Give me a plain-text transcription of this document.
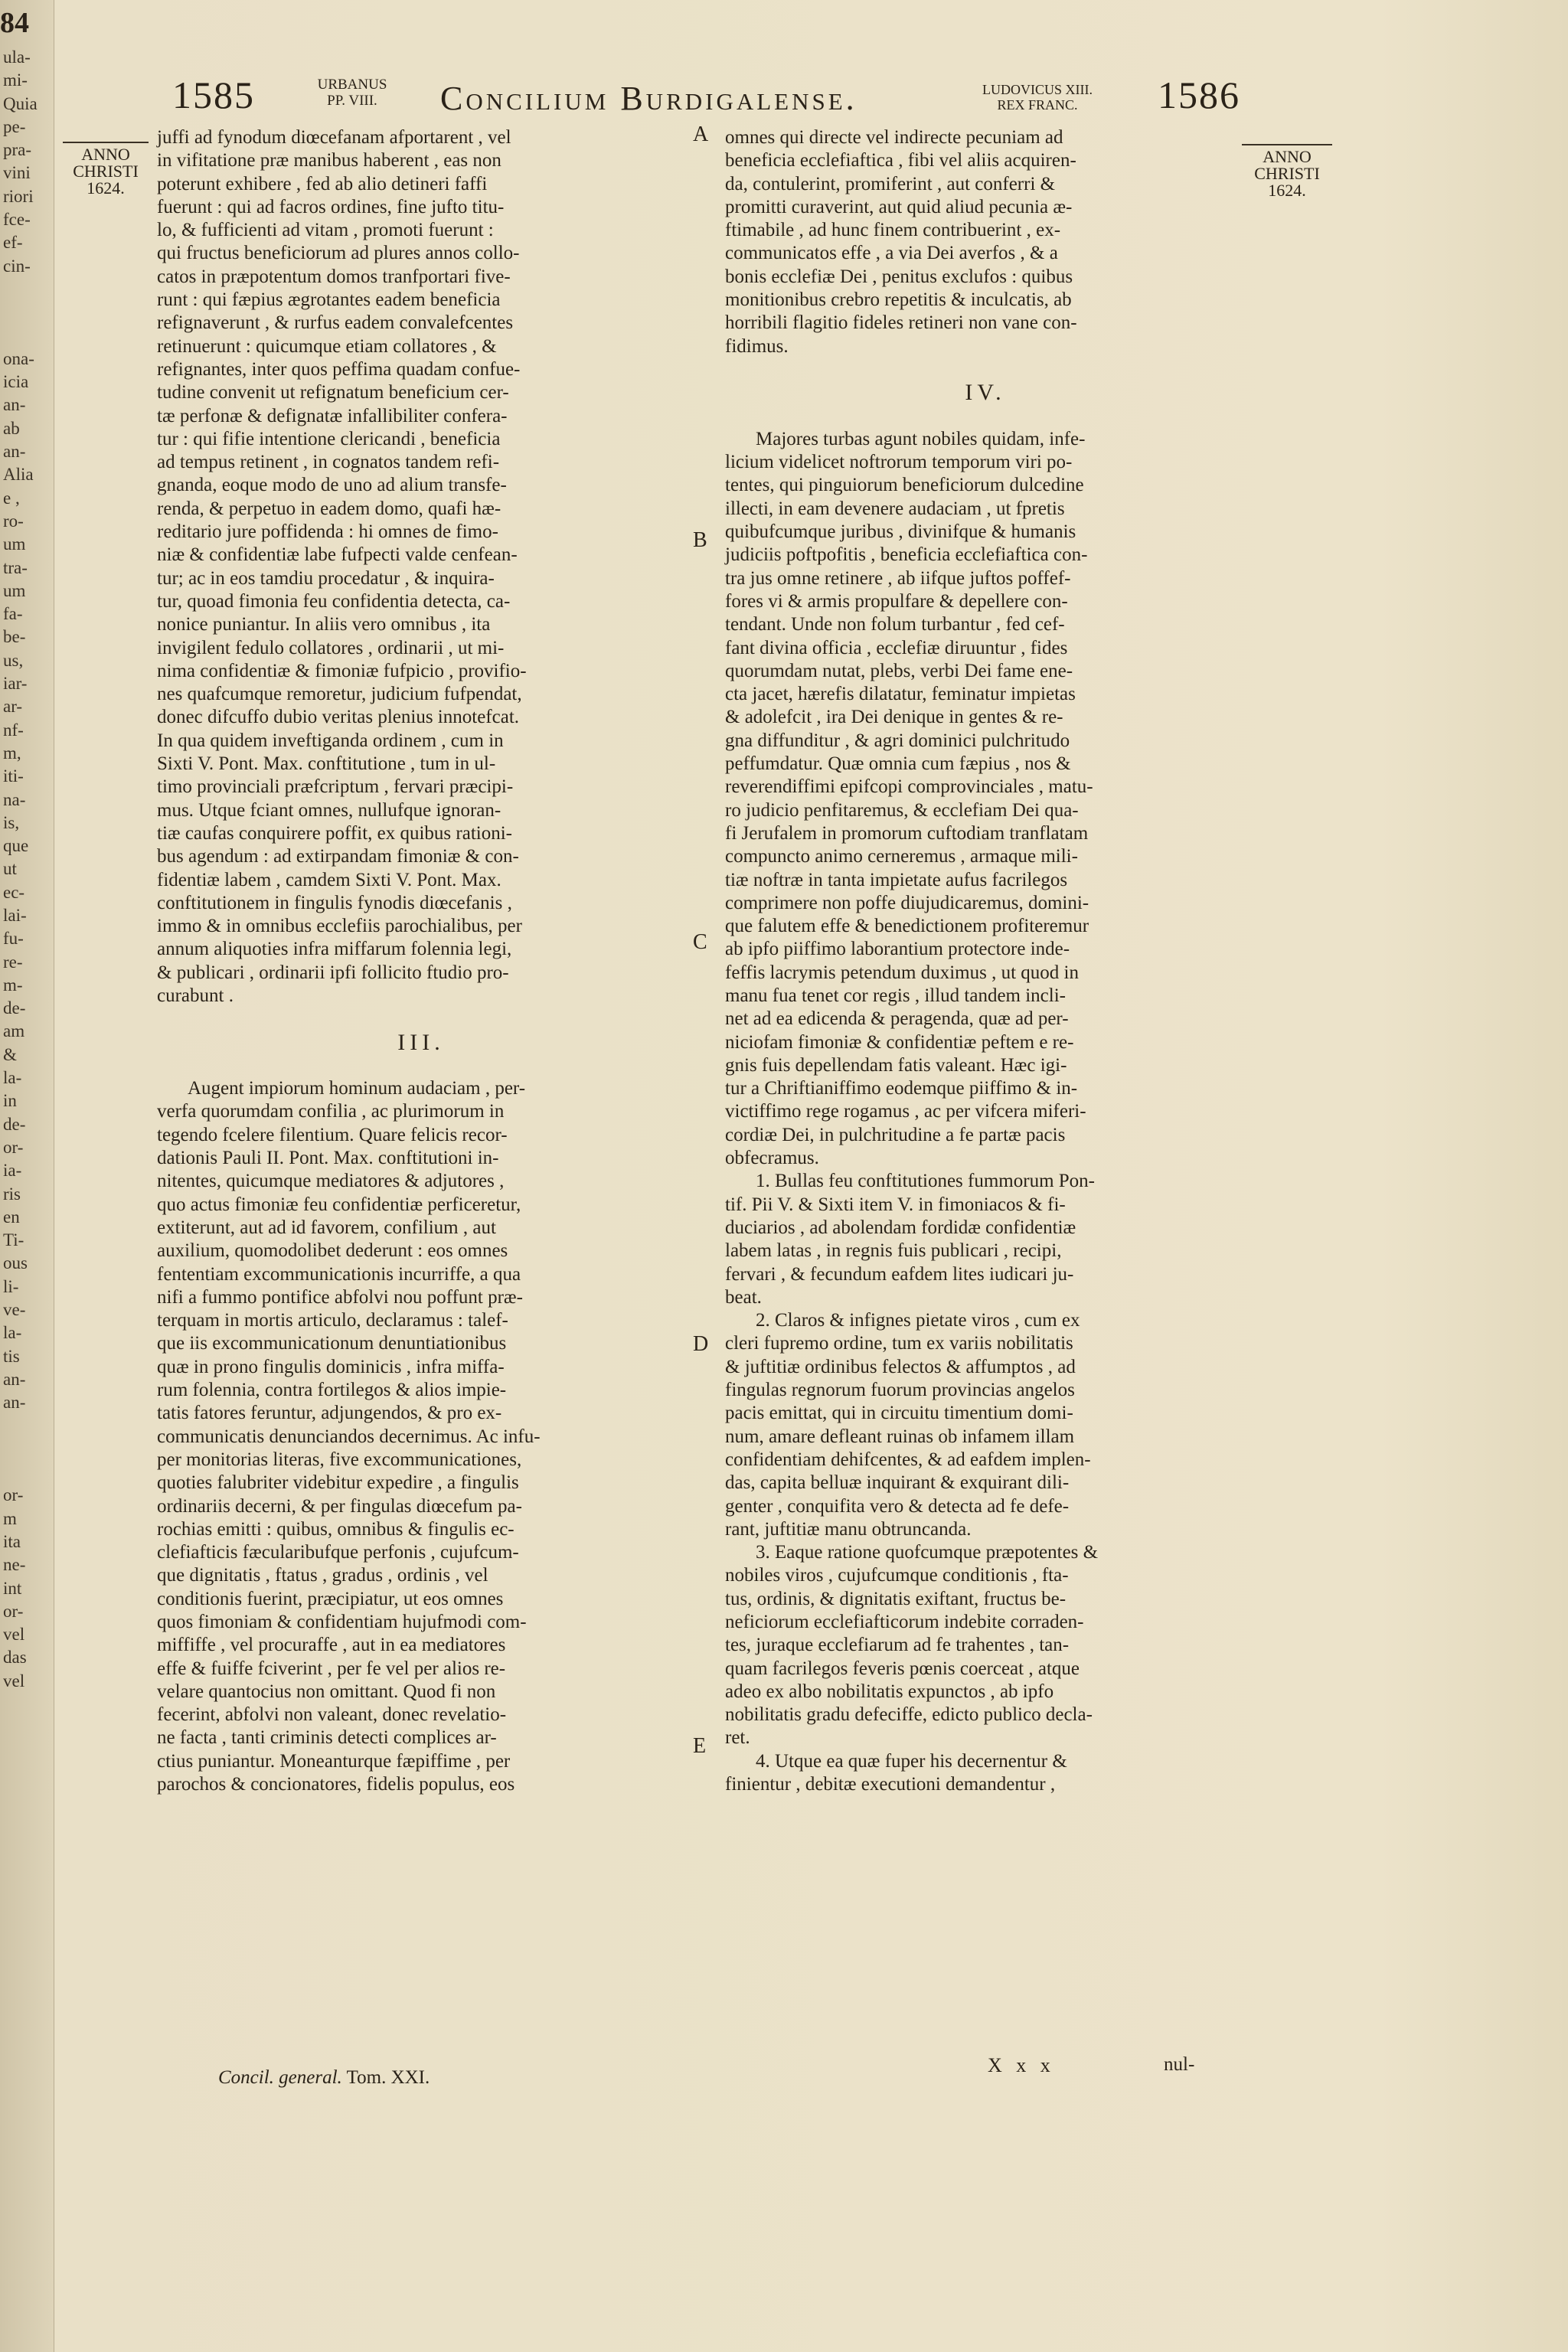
84
ula-
mi-
Quia
pe-
pra-
vini
riori
fce-
ef-
cin-
ona-
icia
an-
ab
an-
Alia
e ,
ro-
um
tra-
um
fa-
be-
us,
iar-
ar-
nf-
m,
iti-
na-
is,
que
ut
ec-
lai-
fu-
re-
m-
de-
am
&
la-
in
de-
or-
ia-
ris
en
Ti-
ous
li-
ve-
la-
tis
an-
an-
or-
m
ita
ne-
int
or-
vel
das
vel
1585	URBANUS
PP. VIII.	Concilium Burdigalense.	LUDOVICUS XIII.
REX FRANC.	1586
ANNO
CHRISTI
1624.
ANNO
CHRISTI
1624.
A
B
C
D
E
juffi ad fynodum diœcefanam afportarent , vel
in vifitatione præ manibus haberent , eas non
poterunt exhibere , fed ab alio detineri faffi
fuerunt : qui ad facros ordines, fine jufto titu-
lo, & fufficienti ad vitam , promoti fuerunt :
qui fructus beneficiorum ad plures annos collo-
catos in præpotentum domos tranfportari five-
runt : qui fæpius ægrotantes eadem beneficia
refignaverunt , & rurfus eadem convalefcentes
retinuerunt : quicumque etiam collatores , &
refignantes, inter quos peffima quadam confue-
tudine convenit ut refignatum beneficium cer-
tæ perfonæ & defignatæ infallibiliter confera-
tur : qui fifie intentione clericandi , beneficia
ad tempus retinent , in cognatos tandem refi-
gnanda, eoque modo de uno ad alium transfe-
renda, & perpetuo in eadem domo, quafi hæ-
reditario jure poffidenda : hi omnes de fimo-
niæ & confidentiæ labe fufpecti valde cenfean-
tur; ac in eos tamdiu procedatur , & inquira-
tur, quoad fimonia feu confidentia detecta, ca-
nonice puniantur. In aliis vero omnibus , ita
invigilent fedulo collatores , ordinarii , ut mi-
nima confidentiæ & fimoniæ fufpicio , provifio-
nes quafcumque remoretur, judicium fufpendat,
donec difcuffo dubio veritas plenius innotefcat.
In qua quidem inveftiganda ordinem , cum in
Sixti V. Pont. Max. conftitutione , tum in ul-
timo provinciali præfcriptum , fervari præcipi-
mus. Utque fciant omnes, nullufque ignoran-
tiæ caufas conquirere poffit, ex quibus rationi-
bus agendum : ad extirpandam fimoniæ & con-
fidentiæ labem , camdem Sixti V. Pont. Max.
conftitutionem in fingulis fynodis diœcefanis ,
immo & in omnibus ecclefiis parochialibus, per
annum aliquoties infra miffarum folennia legi,
& publicari , ordinarii ipfi follicito ftudio pro-
curabunt .
III.
Augent impiorum hominum audaciam , per-
verfa quorumdam confilia , ac plurimorum in
tegendo fcelere filentium. Quare felicis recor-
dationis Pauli II. Pont. Max. conftitutioni in-
nitentes, quicumque mediatores & adjutores ,
quo actus fimoniæ feu confidentiæ perficeretur,
extiterunt, aut ad id favorem, confilium , aut
auxilium, quomodolibet dederunt : eos omnes
fententiam excommunicationis incurriffe, a qua
nifi a fummo pontifice abfolvi nou poffunt præ-
terquam in mortis articulo, declaramus : talef-
que iis excommunicationum denuntiationibus
quæ in prono fingulis dominicis , infra miffa-
rum folennia, contra fortilegos & alios impie-
tatis fatores feruntur, adjungendos, & pro ex-
communicatis denunciandos decernimus. Ac infu-
per monitorias literas, five excommunicationes,
quoties falubriter videbitur expedire , a fingulis
ordinariis decerni, & per fingulas diœcefum pa-
rochias emitti : quibus, omnibus & fingulis ec-
clefiafticis fæcularibufque perfonis , cujufcum-
que dignitatis , ftatus , gradus , ordinis , vel
conditionis fuerint, præcipiatur, ut eos omnes
quos fimoniam & confidentiam hujufmodi com-
miffiffe , vel procuraffe , aut in ea mediatores
effe & fuiffe fciverint , per fe vel per alios re-
velare quantocius non omittant. Quod fi non
fecerint, abfolvi non valeant, donec revelatio-
ne facta , tanti criminis detecti complices ar-
ctius puniantur. Moneanturque fæpiffime , per
parochos & concionatores, fidelis populus, eos
omnes qui directe vel indirecte pecuniam ad
beneficia ecclefiaftica , fibi vel aliis acquiren-
da, contulerint, promiferint , aut conferri &
promitti curaverint, aut quid aliud pecunia æ-
ftimabile , ad hunc finem contribuerint , ex-
communicatos effe , a via Dei averfos , & a
bonis ecclefiæ Dei , penitus exclufos : quibus
monitionibus crebro repetitis & inculcatis, ab
horribili flagitio fideles retineri non vane con-
fidimus.
IV.
Majores turbas agunt nobiles quidam, infe-
licium videlicet noftrorum temporum viri po-
tentes, qui pinguiorum beneficiorum dulcedine
illecti, in eam devenere audaciam , ut fpretis
quibufcumque juribus , divinifque & humanis
judiciis poftpofitis , beneficia ecclefiaftica con-
tra jus omne retinere , ab iifque juftos poffef-
fores vi & armis propulfare & depellere con-
tendant. Unde non folum turbantur , fed cef-
fant divina officia , ecclefiæ diruuntur , fides
quorumdam nutat, plebs, verbi Dei fame ene-
cta jacet, hærefis dilatatur, feminatur impietas
& adolefcit , ira Dei denique in gentes & re-
gna diffunditur , & agri dominici pulchritudo
peffumdatur. Quæ omnia cum fæpius , nos &
reverendiffimi epifcopi comprovinciales , matu-
ro judicio penfitaremus, & ecclefiam Dei qua-
fi Jerufalem in promorum cuftodiam tranflatam
compuncto animo cerneremus , armaque mili-
tiæ noftræ in tanta impietate aufus facrilegos
comprimere non poffe diujudicaremus, domini-
que falutem effe & benedictionem profiteremur
ab ipfo piiffimo laborantium protectore inde-
feffis lacrymis petendum duximus , ut quod in
manu fua tenet cor regis , illud tandem incli-
net ad ea edicenda & peragenda, quæ ad per-
niciofam fimoniæ & confidentiæ peftem e re-
gnis fuis depellendam fatis valeant. Hæc igi-
tur a Chriftianiffimo eodemque piiffimo & in-
victiffimo rege rogamus , ac per vifcera miferi-
cordiæ Dei, in pulchritudine a fe partæ pacis
obfecramus.
1. Bullas feu conftitutiones fummorum Pon-
tif. Pii V. & Sixti item V. in fimoniacos & fi-
duciarios , ad abolendam fordidæ confidentiæ
labem latas , in regnis fuis publicari , recipi,
fervari , & fecundum eafdem lites iudicari ju-
beat.
2. Claros & infignes pietate viros , cum ex
cleri fupremo ordine, tum ex variis nobilitatis
& juftitiæ ordinibus felectos & affumptos , ad
fingulas regnorum fuorum provincias angelos
pacis emittat, qui in circuitu timentium domi-
num, amare defleant ruinas ob infamem illam
confidentiam dehifcentes, & ad eafdem implen-
das, capita belluæ inquirant & exquirant dili-
genter , conquifita vero & detecta ad fe defe-
rant, juftitiæ manu obtruncanda.
3. Eaque ratione quofcumque præpotentes &
nobiles viros , cujufcumque conditionis , fta-
tus, ordinis, & dignitatis exiftant, fructus be-
neficiorum ecclefiafticorum indebite corraden-
tes, juraque ecclefiarum ad fe trahentes , tan-
quam facrilegos feveris pœnis coerceat , atque
adeo ex albo nobilitatis expunctos , ab ipfo
nobilitatis gradu defeciffe, edicto publico decla-
ret.
4. Utque ea quæ fuper his decernentur &
finientur , debitæ executioni demandentur ,
Concil. general. Tom. XXI.
X x x	nul-
